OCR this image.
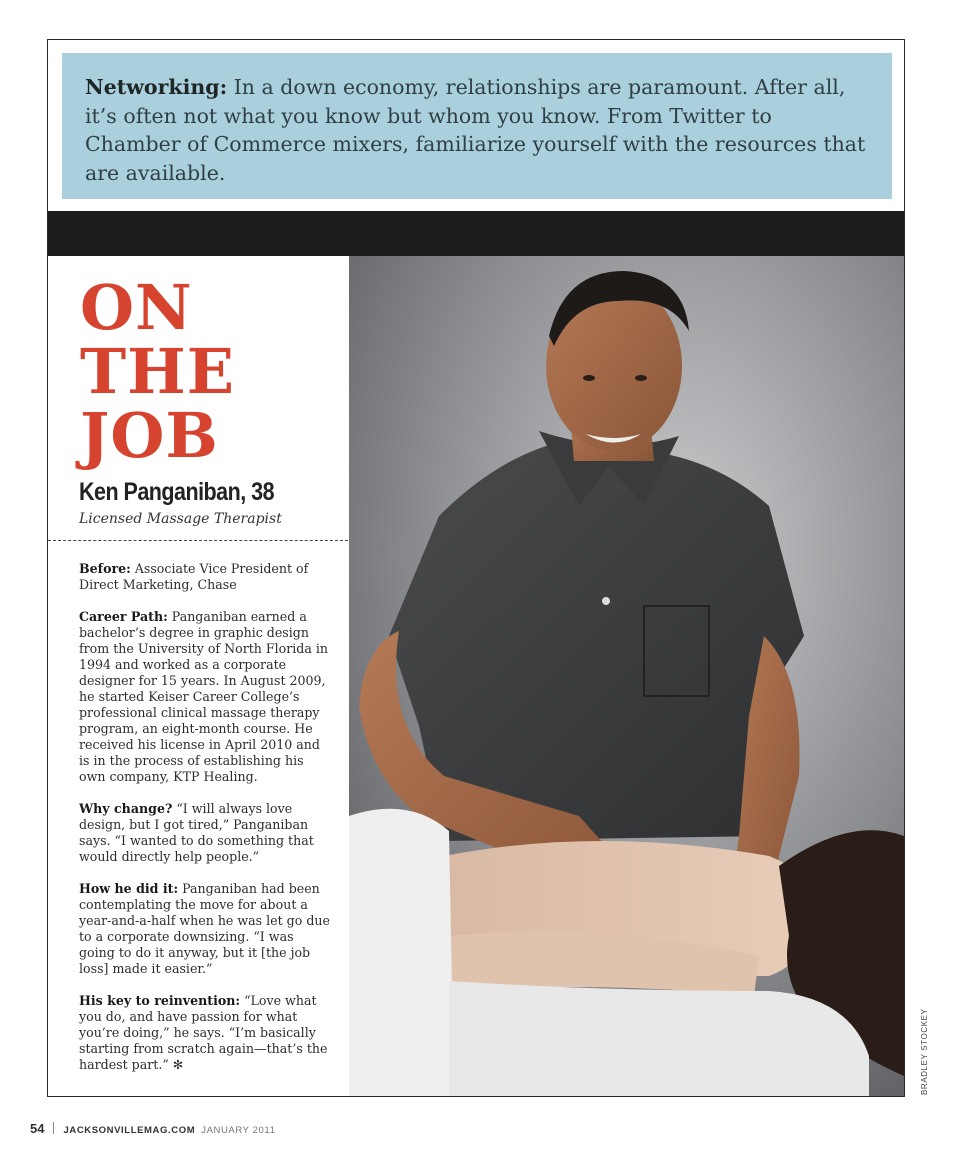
Networking: In a down economy, relationships are paramount. After all, it’s often not what you know but whom you know. From Twitter to Chamber of Commerce mixers, familiarize yourself with the resources that are available.

ON
THE
JOB
Ken Panganiban, 38
Licensed Massage Therapist

Before: Associate Vice President of Direct Marketing, Chase

Career Path: Panganiban earned a bachelor’s degree in graphic design from the University of North Florida in 1994 and worked as a corporate designer for 15 years. In August 2009, he started Keiser Career College’s professional clinical massage therapy program, an eight-month course. He received his license in April 2010 and is in the process of establishing his own company, KTP Healing.

Why change? “I will always love design, but I got tired,” Panganiban says. “I wanted to do something that would directly help people.”

How he did it: Panganiban had been contemplating the move for about a year-and-a-half when he was let go due to a corporate downsizing. “I was going to do it anyway, but it [the job loss] made it easier.”

His key to reinvention: “Love what you do, and have passion for what you’re doing,” he says. “I’m basically starting from scratch again—that’s the hardest part.” ✻	BRADLEY STOCKEY
54 JACKSONVILLEMAG.COM JANUARY 2011
